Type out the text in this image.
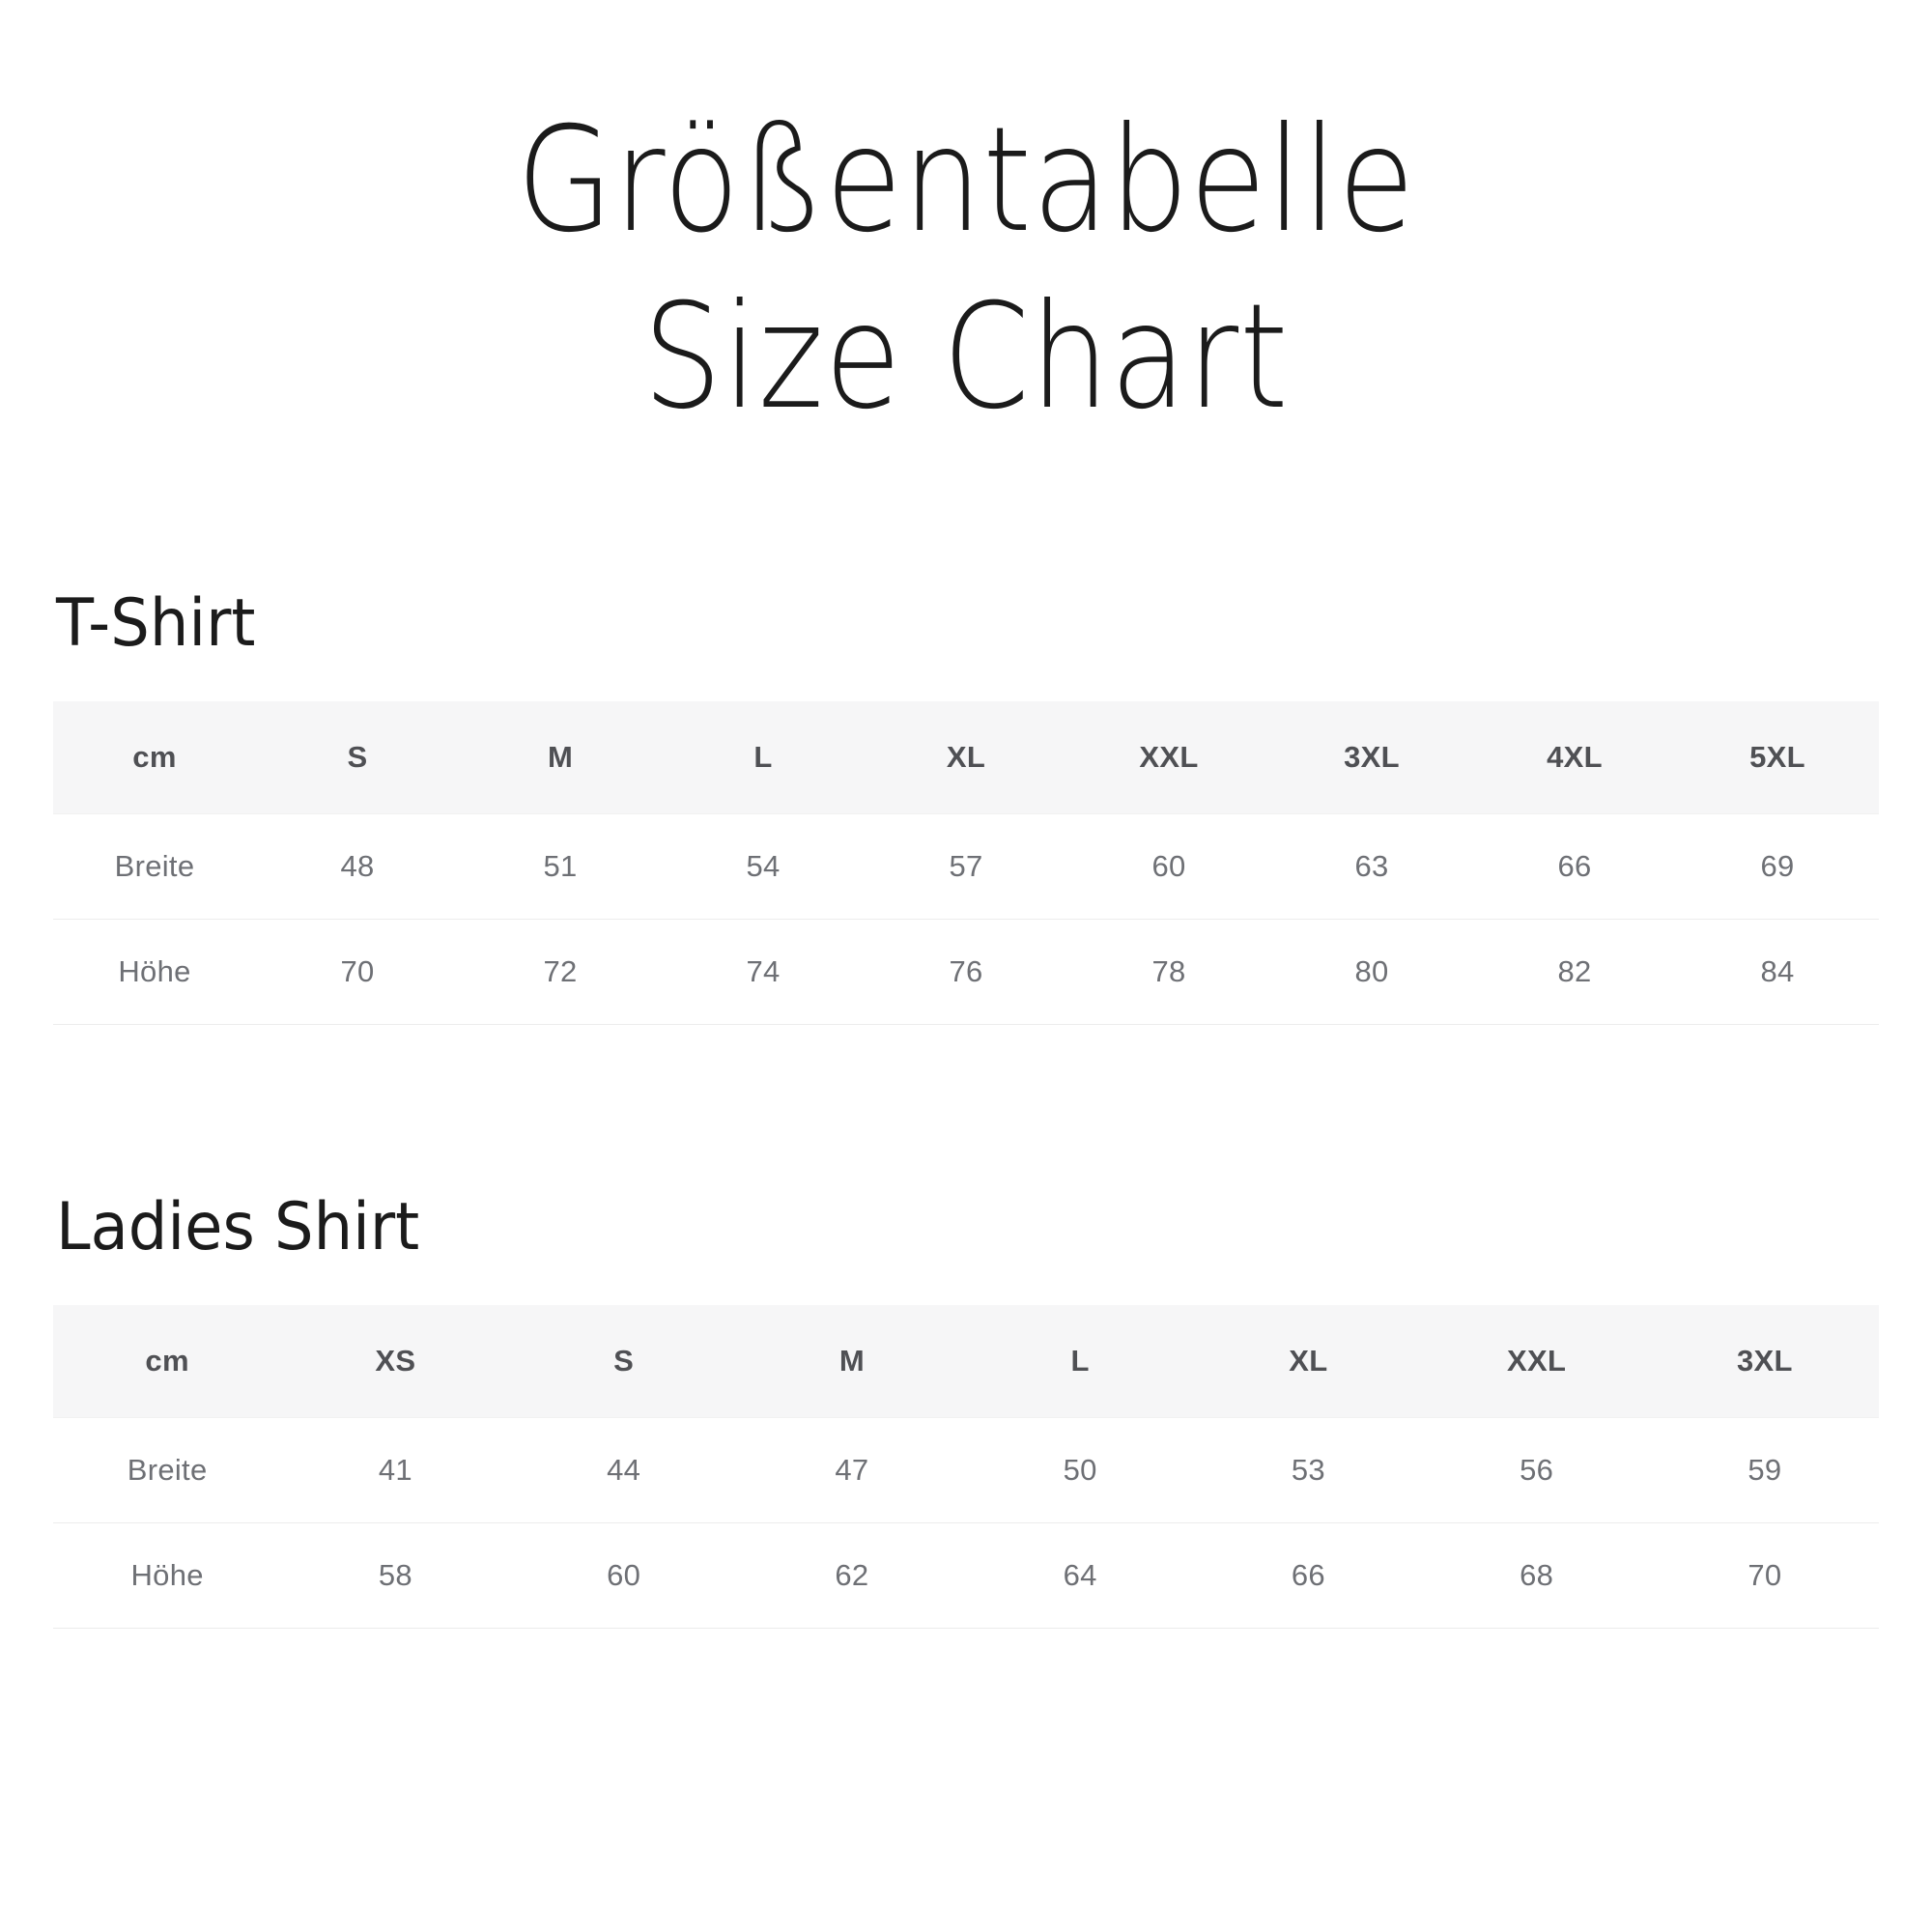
Größentabelle
Size Chart
T-Shirt
cm	S	M	L	XL	XXL	3XL	4XL	5XL
Breite	48	51	54	57	60	63	66	69
Höhe	70	72	74	76	78	80	82	84
Ladies Shirt
cm	XS	S	M	L	XL	XXL	3XL
Breite	41	44	47	50	53	56	59
Höhe	58	60	62	64	66	68	70
